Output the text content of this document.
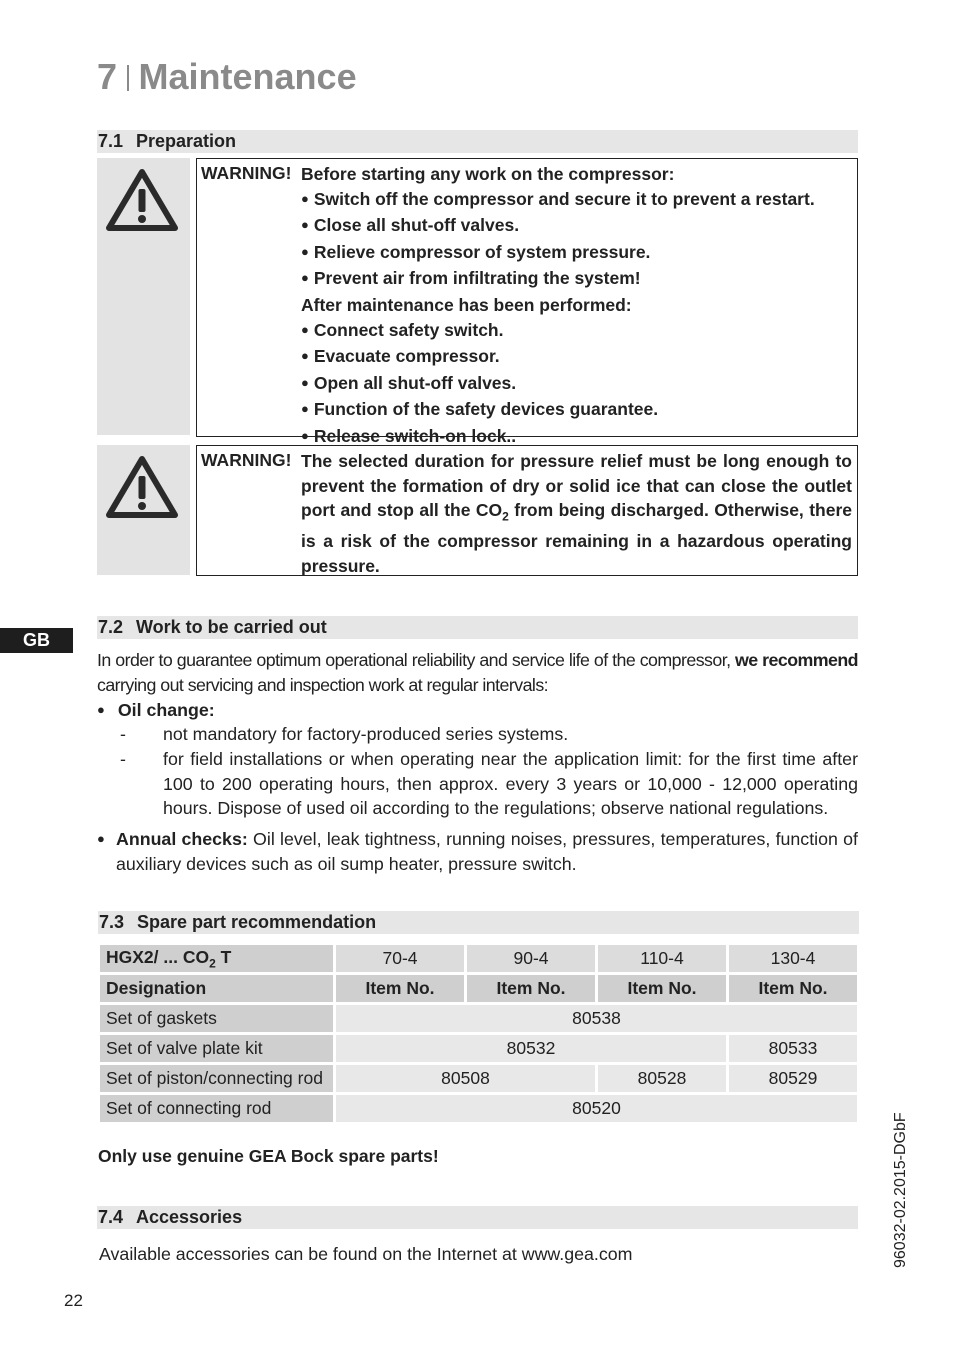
7 Maintenance
7.1 Preparation
WARNING! Before starting any work on the compressor:
● Switch off the compressor and secure it to prevent a restart.
● Close all shut-off valves.
● Relieve compressor of system pressure.
● Prevent air from infiltrating the system!
After maintenance has been performed:
● Connect safety switch.
● Evacuate compressor.
● Open all shut-off valves.
● Function of the safety devices guarantee.
● Release switch-on lock..
WARNING! The selected duration for pressure relief must be long enough to prevent the formation of dry or solid ice that can close the outlet port and stop all the $CO_2$ from being discharged. Otherwise, there is a risk of the compressor remaining in a hazardous operating pressure.
GB
7.2 Work to be carried out
In order to guarantee optimum operational reliability and service life of the compressor, we recommend carrying out servicing and inspection work at regular intervals:
● Oil change:
- not mandatory for factory-produced series systems.
- for field installations or when operating near the application limit: for the first time after 100 to 200 operating hours, then approx. every 3 years or 10,000 - 12,000 operating hours. Dispose of used oil according to the regulations; observe national regulations.
● Annual checks: Oil level, leak tightness, running noises, pressures, temperatures, function of auxiliary devices such as oil sump heater, pressure switch.
7.3 Spare part recommendation
HGX2/ ... $CO_2$ T	70-4	90-4	110-4	130-4
Designation	Item No.	Item No.	Item No.	Item No.
Set of gaskets	80538			
Set of valve plate kit	80532			80533
Set of piston/connecting rod	80508		80528	80529
Set of connecting rod	80520			
Only use genuine GEA Bock spare parts!
7.4 Accessories
Available accessories can be found on the Internet at www.gea.com
22
96032-02.2015-DGbF
